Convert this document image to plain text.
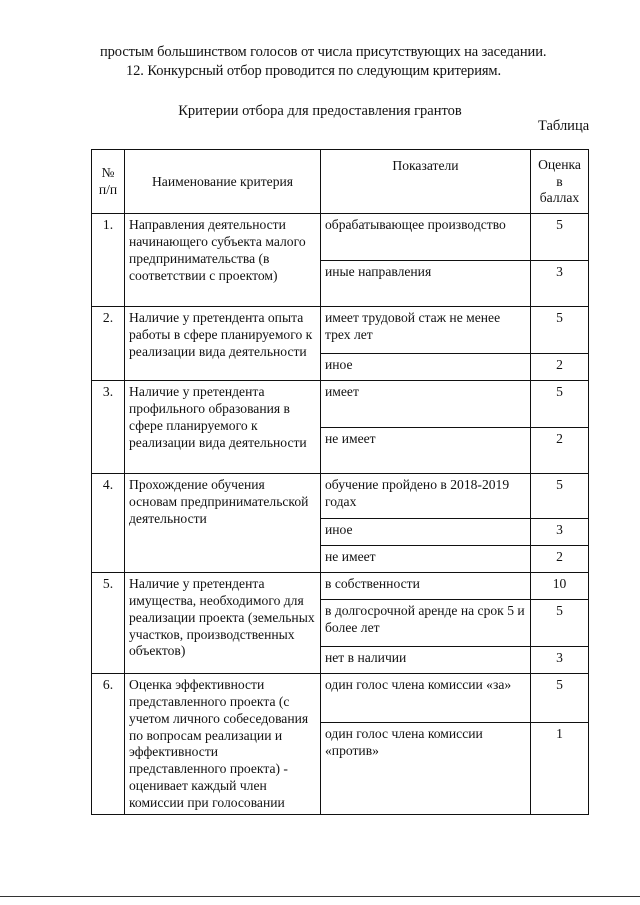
простым большинством голосов от числа присутствующих на заседании.
12. Конкурсный отбор проводится по следующим критериям.
Критерии отбора для предоставления грантов
Таблица
№ п/п	Наименование критерия	Показатели	Оценка в баллах
1.	Направления деятельности начинающего субъекта малого предпринимательства (в соответствии с проектом)	обрабатывающее производство	5
		иные направления	3
2.	Наличие у претендента опыта работы в сфере планируемого к реализации вида деятельности	имеет трудовой стаж не менее трех лет	5
		иное	2
3.	Наличие у претендента профильного образования в сфере планируемого к реализации вида деятельности	имеет	5
		не имеет	2
4.	Прохождение обучения основам предпринимательской деятельности	обучение пройдено в 2018-2019 годах	5
		иное	3
		не имеет	2
5.	Наличие у претендента имущества, необходимого для реализации проекта (земельных участков, производственных объектов)	в собственности	10
		в долгосрочной аренде на срок 5 и более лет	5
		нет в наличии	3
6.	Оценка эффективности представленного проекта (с учетом личного собеседования по вопросам реализации и эффективности представленного проекта) - оценивает каждый член комиссии при голосовании	один голос члена комиссии «за»	5
		один голос члена комиссии «против»	1
